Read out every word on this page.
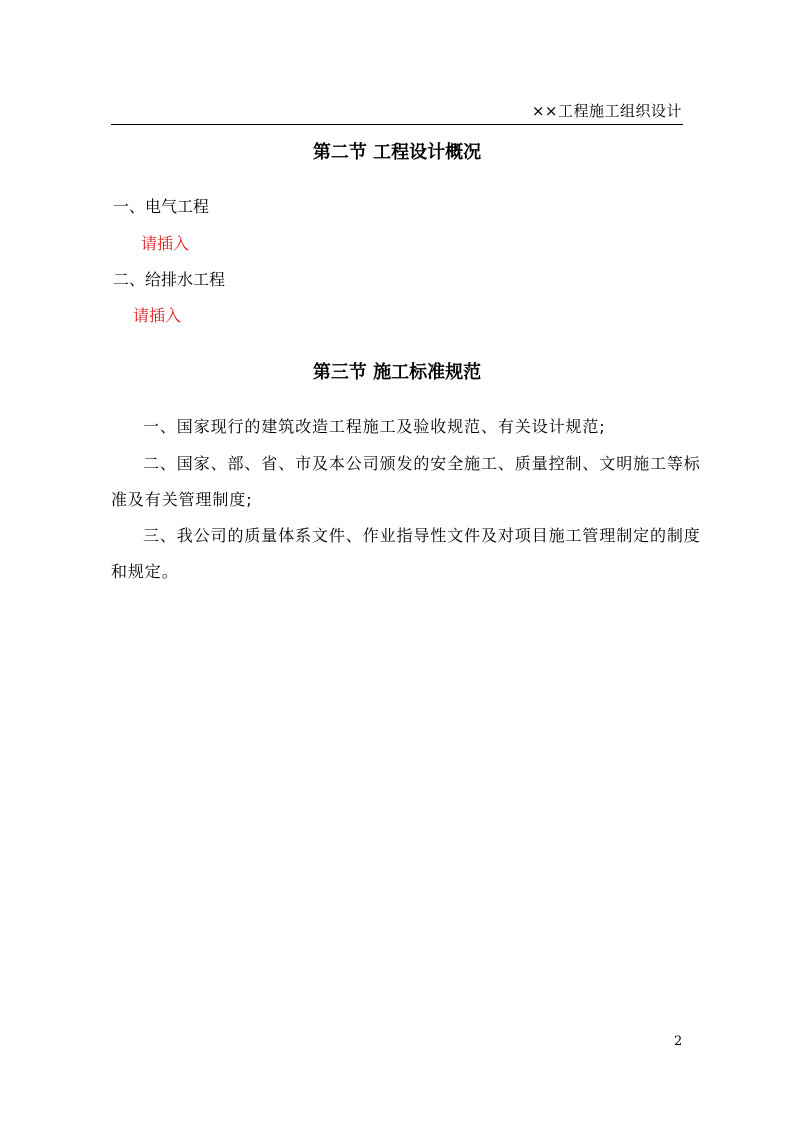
××工程施工组织设计
第二节 工程设计概况
一、电气工程
请插入
二、给排水工程
请插入
第三节 施工标准规范
一、国家现行的建筑改造工程施工及验收规范、有关设计规范;
二、国家、部、省、市及本公司颁发的安全施工、质量控制、文明施工等标准及有关管理制度;
三、我公司的质量体系文件、作业指导性文件及对项目施工管理制定的制度和规定。
2
